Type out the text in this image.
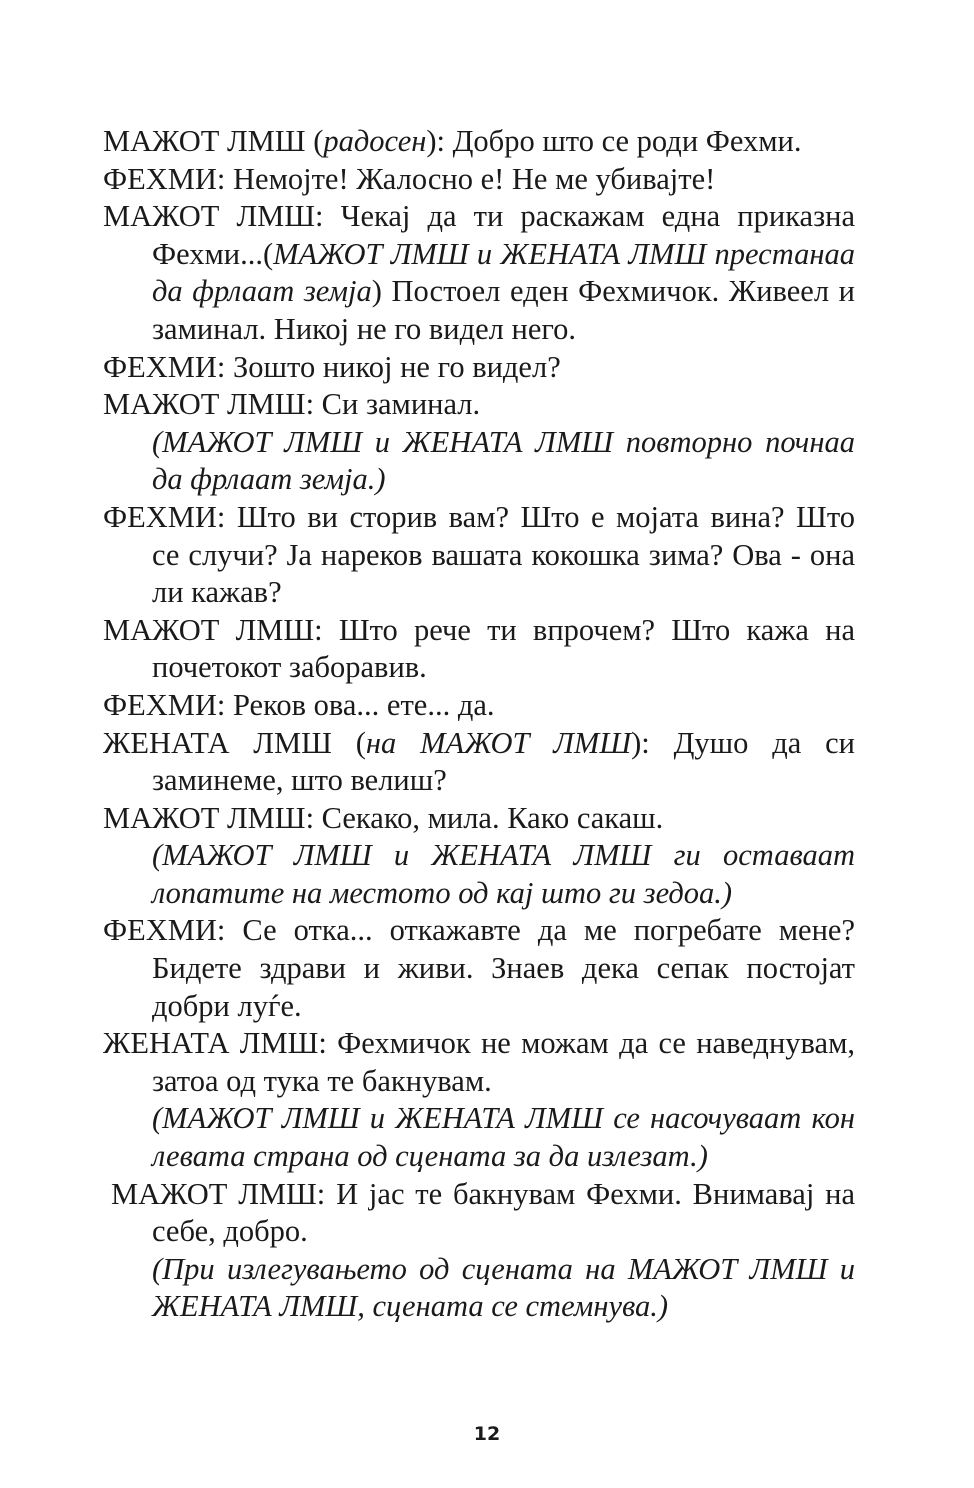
МАЖОТ ЛМШ (радосен): Добро што се роди Фехми.

ФЕХМИ: Немојте! Жалосно е! Не ме убивајте!

МАЖОТ ЛМШ: Чекај да ти раскажам една приказна Фехми...(МАЖОТ ЛМШ и ЖЕНАТА ЛМШ престанаа да фрлаат земја) Постоел еден Фехмичок. Живеел и заминал. Никој не го видел него.

ФЕХМИ: Зошто никој не го видел?

МАЖОТ ЛМШ: Си заминал.

(МАЖОТ ЛМШ и ЖЕНАТА ЛМШ повторно почнаа да фрлаат земја.)

ФЕХМИ: Што ви сторив вам? Што е мојата вина? Што се случи? Ја нареков вашата кокошка зима? Ова - она ли кажав?

МАЖОТ ЛМШ: Што рече ти впрочем? Што кажа на почетокот заборавив.

ФЕХМИ: Реков ова... ете... да.

ЖЕНАТА ЛМШ (на МАЖОТ ЛМШ): Душо да си заминеме, што велиш?

МАЖОТ ЛМШ: Секако, мила. Како сакаш.

(МАЖОТ ЛМШ и ЖЕНАТА ЛМШ ги оставаат лопатите на местото од кај што ги зедоа.)

ФЕХМИ: Се отка... откажавте да ме погребате мене? Бидете здрави и живи. Знаев дека сепак постојат добри луѓе.

ЖЕНАТА ЛМШ: Фехмичок не можам да се наведнувам, затоа од тука те бакнувам.

(МАЖОТ ЛМШ и ЖЕНАТА ЛМШ се насочуваат кон левата страна од сцената за да излезат.)

МАЖОТ ЛМШ: И јас те бакнувам Фехми. Внимавај на себе, добро.

(При излегувањето од сцената на МАЖОТ ЛМШ и ЖЕНАТА ЛМШ, сцената се стемнува.)

12
